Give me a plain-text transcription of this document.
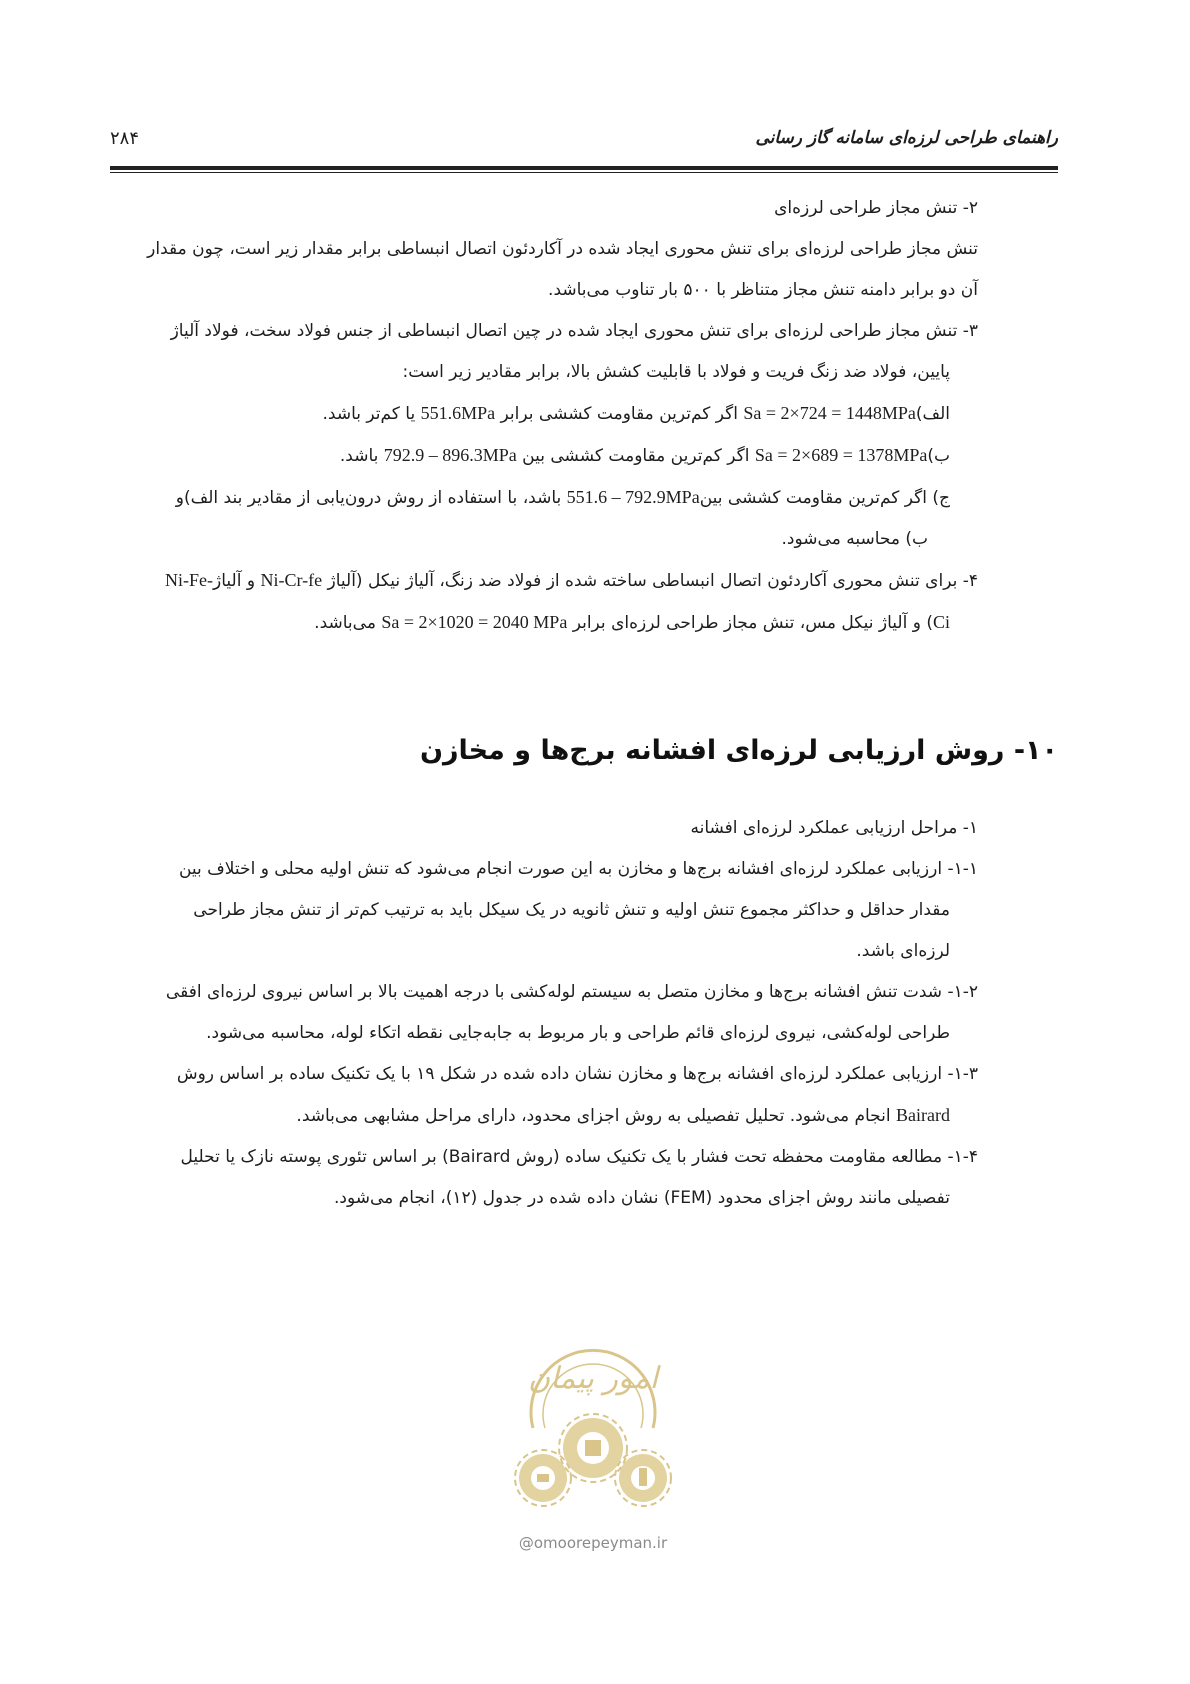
راهنمای طراحی لرزه‌ای سامانه گاز رسانی
۲۸۴

۲- تنش مجاز طراحی لرزه‌ای

تنش مجاز طراحی لرزه‌ای برای تنش محوری ایجاد شده در آکاردئون اتصال انبساطی برابر مقدار زیر است، چون مقدار

آن دو برابر دامنه تنش مجاز متناظر با ۵۰۰ بار تناوب می‌باشد.

۳- تنش مجاز طراحی لرزه‌ای برای تنش محوری ایجاد شده در چین اتصال انبساطی از جنس فولاد سخت، فولاد آلیاژ

پایین، فولاد ضد زنگ فریت و فولاد با قابلیت کشش بالا، برابر مقادیر زیر است:

الف)Sa = 2×724 = 1448MPa اگر کم‌ترین مقاومت کششی برابر 551.6MPa یا کم‌تر باشد.

ب)Sa = 2×689 = 1378MPa اگر کم‌ترین مقاومت کششی بین 792.9 – 896.3MPa باشد.

ج) اگر کم‌ترین مقاومت کششی بین551.6 – 792.9MPa باشد، با استفاده از روش درون‌یابی از مقادیر بند الف)و

ب) محاسبه می‌شود.

۴- برای تنش محوری آکاردئون اتصال انبساطی ساخته شده از فولاد ضد زنگ، آلیاژ نیکل (آلیاژ Ni-Cr-fe و آلیاژNi-Fe-

Ci) و آلیاژ نیکل مس، تنش مجاز طراحی لرزه‌ای برابر Sa = 2×1020 = 2040 MPa می‌باشد.

۱۰- روش ارزیابی لرزه‌ای افشانه برج‌ها و مخازن

۱- مراحل ارزیابی عملکرد لرزه‌ای افشانه

۱-۱- ارزیابی عملکرد لرزه‌ای افشانه برج‌ها و مخازن به این صورت انجام می‌شود که تنش اولیه محلی و اختلاف بین

مقدار حداقل و حداکثر مجموع تنش اولیه و تنش ثانویه در یک سیکل باید به ترتیب کم‌تر از تنش مجاز طراحی

لرزه‌ای باشد.

۱-۲- شدت تنش افشانه برج‌ها و مخازن متصل به سیستم لوله‌کشی با درجه اهمیت بالا بر اساس نیروی لرزه‌ای افقی

طراحی لوله‌کشی، نیروی لرزه‌ای قائم طراحی و بار مربوط به جابه‌جایی نقطه اتکاء لوله، محاسبه می‌شود.

۱-۳- ارزیابی عملکرد لرزه‌ای افشانه برج‌ها و مخازن نشان داده شده در شکل ۱۹ با یک تکنیک ساده بر اساس روش

Bairard انجام می‌شود. تحلیل تفصیلی به روش اجزای محدود، دارای مراحل مشابهی می‌باشد.

۱-۴- مطالعه مقاومت محفظه تحت فشار با یک تکنیک ساده (روش Bairard) بر اساس تئوری پوسته نازک یا تحلیل

تفصیلی مانند روش اجزای محدود (FEM) نشان داده شده در جدول (۱۲)، انجام می‌شود.

امور پیمان
@omoorepeyman.ir
